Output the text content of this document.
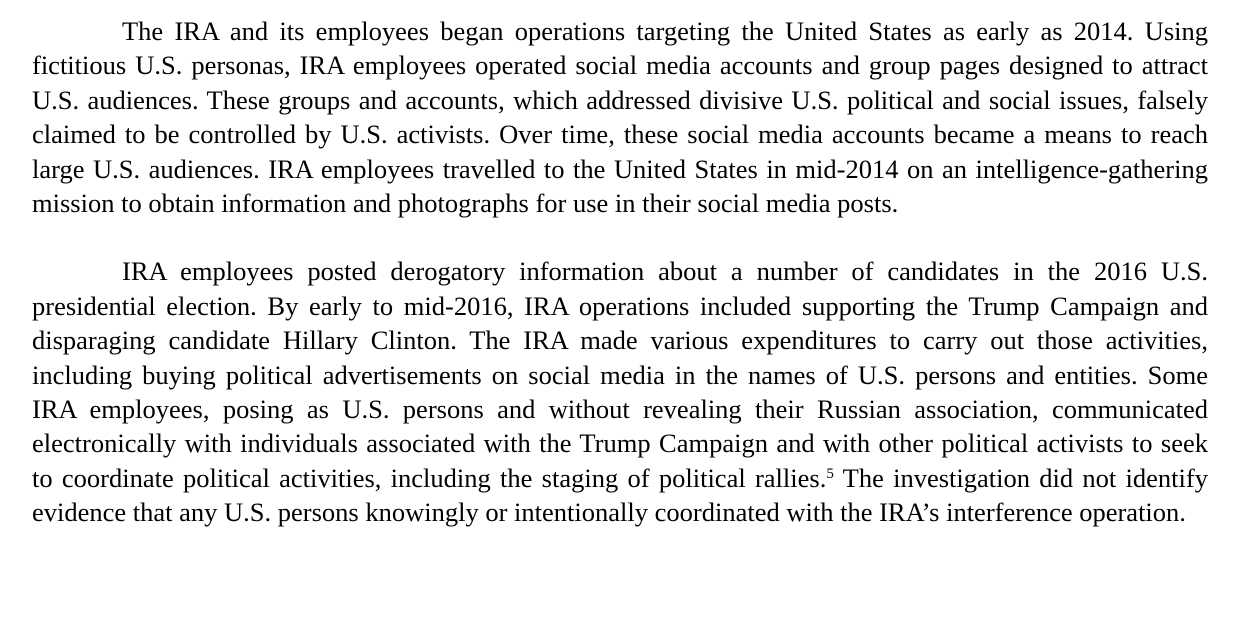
The IRA and its employees began operations targeting the United States as early as 2014. Using fictitious U.S. personas, IRA employees operated social media accounts and group pages designed to attract U.S. audiences. These groups and accounts, which addressed divisive U.S. political and social issues, falsely claimed to be controlled by U.S. activists. Over time, these social media accounts became a means to reach large U.S. audiences. IRA employees travelled to the United States in mid-2014 on an intelligence-gathering mission to obtain information and photographs for use in their social media posts.

IRA employees posted derogatory information about a number of candidates in the 2016 U.S. presidential election. By early to mid-2016, IRA operations included supporting the Trump Campaign and disparaging candidate Hillary Clinton. The IRA made various expenditures to carry out those activities, including buying political advertisements on social media in the names of U.S. persons and entities. Some IRA employees, posing as U.S. persons and without revealing their Russian association, communicated electronically with individuals associated with the Trump Campaign and with other political activists to seek to coordinate political activities, including the staging of political rallies.$^5$ The investigation did not identify evidence that any U.S. persons knowingly or intentionally coordinated with the IRA’s interference operation.
